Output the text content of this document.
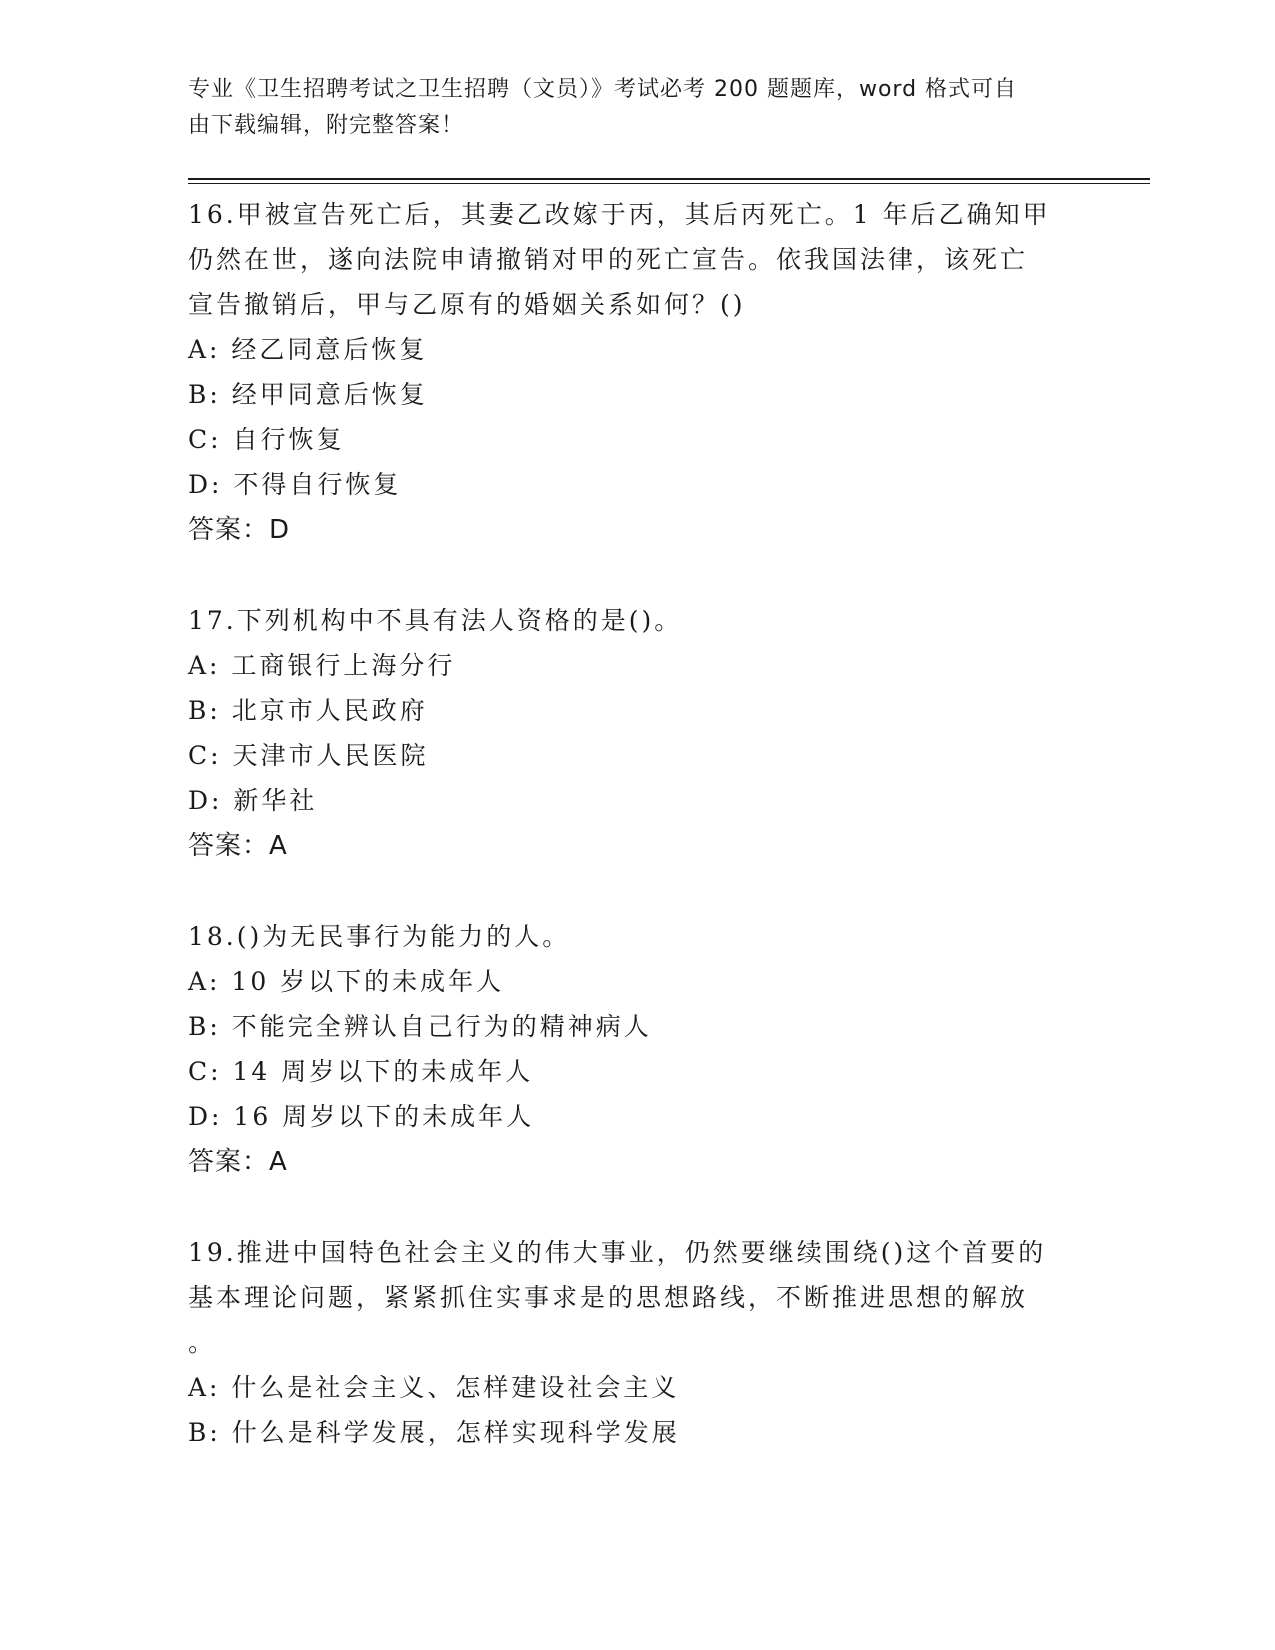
专业《卫生招聘考试之卫生招聘（文员）》考试必考 200 题题库，word 格式可自
由下载编辑，附完整答案！
16.甲被宣告死亡后，其妻乙改嫁于丙，其后丙死亡。1 年后乙确知甲
仍然在世，遂向法院申请撤销对甲的死亡宣告。依我国法律，该死亡
宣告撤销后，甲与乙原有的婚姻关系如何？()
A: 经乙同意后恢复
B: 经甲同意后恢复
C: 自行恢复
D: 不得自行恢复
答案：D
17.下列机构中不具有法人资格的是()。
A: 工商银行上海分行
B: 北京市人民政府
C: 天津市人民医院
D: 新华社
答案：A
18.()为无民事行为能力的人。
A: 10 岁以下的未成年人
B: 不能完全辨认自己行为的精神病人
C: 14 周岁以下的未成年人
D: 16 周岁以下的未成年人
答案：A
19.推进中国特色社会主义的伟大事业，仍然要继续围绕()这个首要的
基本理论问题，紧紧抓住实事求是的思想路线，不断推进思想的解放
。
A: 什么是社会主义、怎样建设社会主义
B: 什么是科学发展，怎样实现科学发展
